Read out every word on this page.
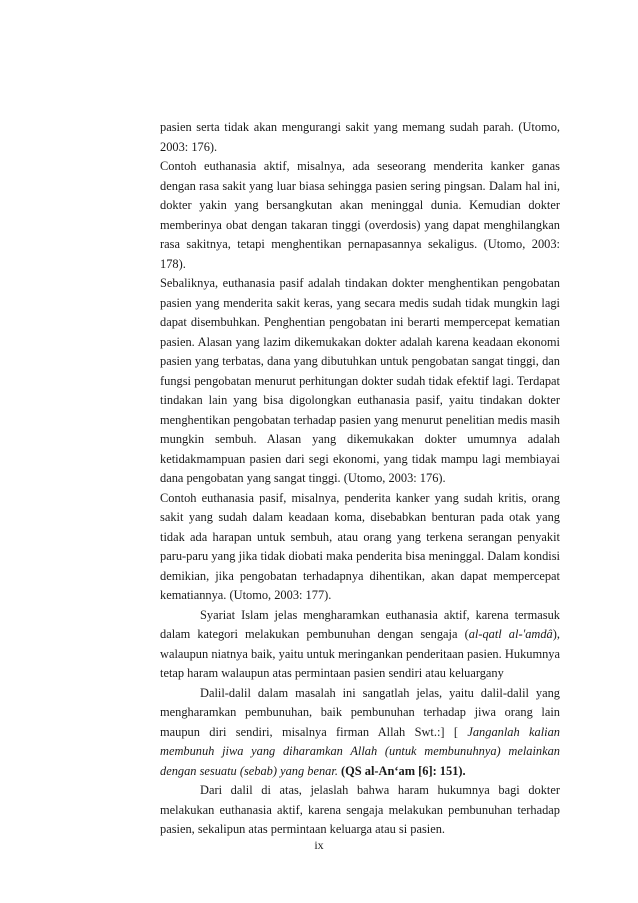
pasien serta tidak akan mengurangi sakit yang memang sudah parah. (Utomo, 2003: 176).

Contoh euthanasia aktif, misalnya, ada seseorang menderita kanker ganas dengan rasa sakit yang luar biasa sehingga pasien sering pingsan. Dalam hal ini, dokter yakin yang bersangkutan akan meninggal dunia. Kemudian dokter memberinya obat dengan takaran tinggi (overdosis) yang dapat menghilangkan rasa sakitnya, tetapi menghentikan pernapasannya sekaligus. (Utomo, 2003: 178).

Sebaliknya, euthanasia pasif adalah tindakan dokter menghentikan pengobatan pasien yang menderita sakit keras, yang secara medis sudah tidak mungkin lagi dapat disembuhkan. Penghentian pengobatan ini berarti mempercepat kematian pasien. Alasan yang lazim dikemukakan dokter adalah karena keadaan ekonomi pasien yang terbatas, dana yang dibutuhkan untuk pengobatan sangat tinggi, dan fungsi pengobatan menurut perhitungan dokter sudah tidak efektif lagi. Terdapat tindakan lain yang bisa digolongkan euthanasia pasif, yaitu tindakan dokter menghentikan pengobatan terhadap pasien yang menurut penelitian medis masih mungkin sembuh. Alasan yang dikemukakan dokter umumnya adalah ketidakmampuan pasien dari segi ekonomi, yang tidak mampu lagi membiayai dana pengobatan yang sangat tinggi. (Utomo, 2003: 176).

Contoh euthanasia pasif, misalnya, penderita kanker yang sudah kritis, orang sakit yang sudah dalam keadaan koma, disebabkan benturan pada otak yang tidak ada harapan untuk sembuh, atau orang yang terkena serangan penyakit paru-paru yang jika tidak diobati maka penderita bisa meninggal. Dalam kondisi demikian, jika pengobatan terhadapnya dihentikan, akan dapat mempercepat kematiannya. (Utomo, 2003: 177).

Syariat Islam jelas mengharamkan euthanasia aktif, karena termasuk dalam kategori melakukan pembunuhan dengan sengaja (al-qatl al-'amdâ), walaupun niatnya baik, yaitu untuk meringankan penderitaan pasien. Hukumnya tetap haram walaupun atas permintaan pasien sendiri atau keluargany

Dalil-dalil dalam masalah ini sangatlah jelas, yaitu dalil-dalil yang mengharamkan pembunuhan, baik pembunuhan terhadap jiwa orang lain maupun diri sendiri, misalnya firman Allah Swt.:] [ Janganlah kalian membunuh jiwa yang diharamkan Allah (untuk membunuhnya) melainkan dengan sesuatu (sebab) yang benar. (QS al-An‘am [6]: 151).

Dari dalil di atas, jelaslah bahwa haram hukumnya bagi dokter melakukan euthanasia aktif, karena sengaja melakukan pembunuhan terhadap pasien, sekalipun atas permintaan keluarga atau si pasien.

ix
